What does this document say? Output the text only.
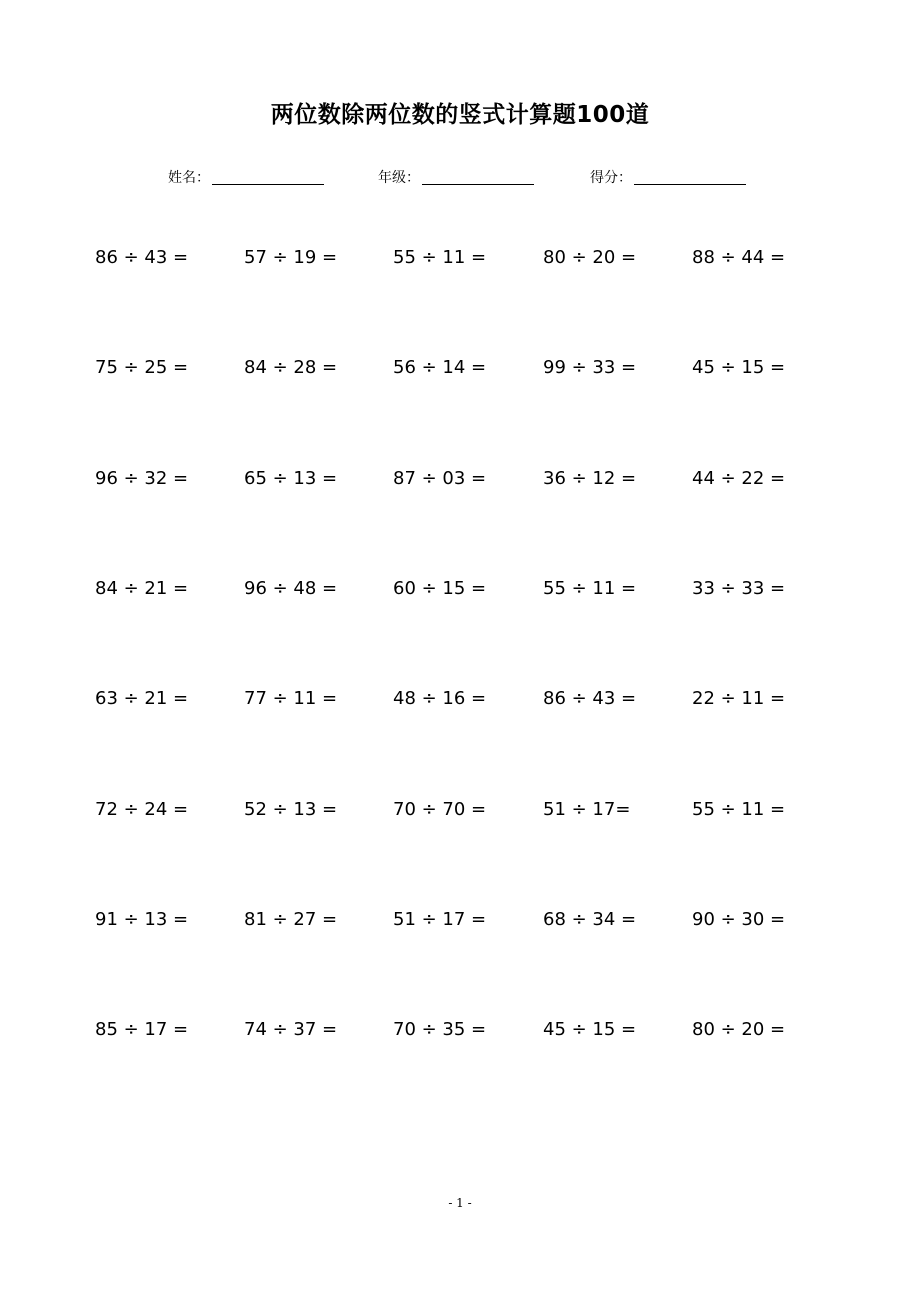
两位数除两位数的竖式计算题100道
姓名：	年级：	得分：
86 ÷ 43 =	57 ÷ 19 =	55 ÷ 11 =	80 ÷ 20 =	88 ÷ 44 =
75 ÷ 25 =	84 ÷ 28 =	56 ÷ 14 =	99 ÷ 33 =	45 ÷ 15 =
96 ÷ 32 =	65 ÷ 13 =	87 ÷ 03 =	36 ÷ 12 =	44 ÷ 22 =
84 ÷ 21 =	96 ÷ 48 =	60 ÷ 15 =	55 ÷ 11 =	33 ÷ 33 =
63 ÷ 21 =	77 ÷ 11 =	48 ÷ 16 =	86 ÷ 43 =	22 ÷ 11 =
72 ÷ 24 =	52 ÷ 13 =	70 ÷ 70 =	51 ÷ 17=	55 ÷ 11 =
91 ÷ 13 =	81 ÷ 27 =	51 ÷ 17 =	68 ÷ 34 =	90 ÷ 30 =
85 ÷ 17 =	74 ÷ 37 =	70 ÷ 35 =	45 ÷ 15 =	80 ÷ 20 =
- 1 -
